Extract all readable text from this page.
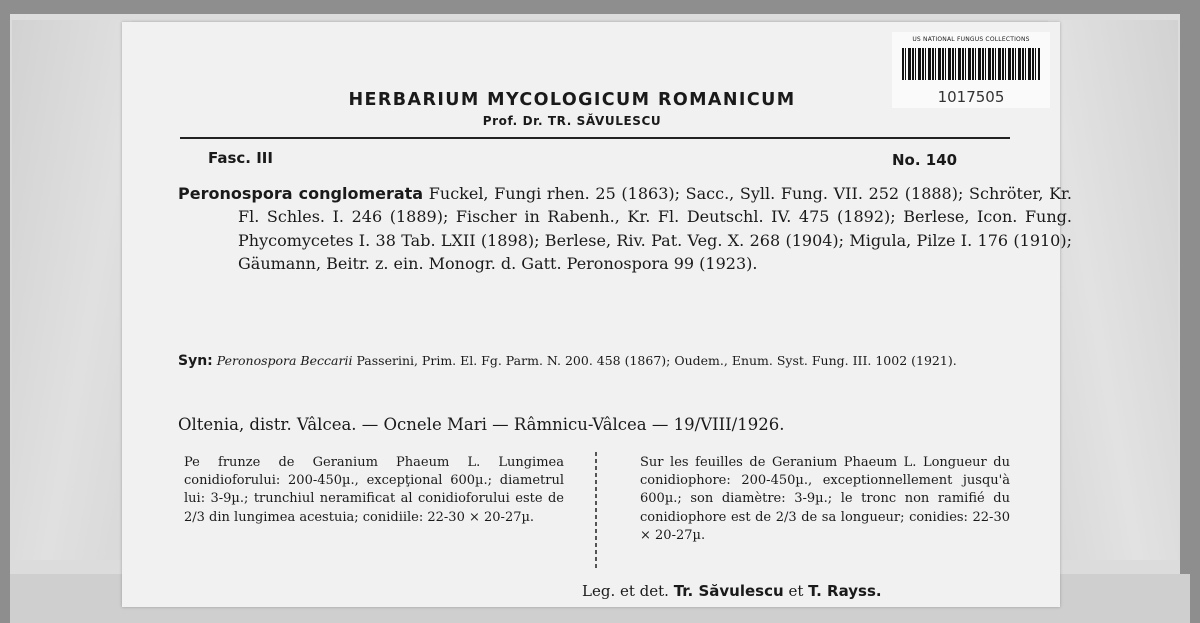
US NATIONAL FUNGUS COLLECTIONS
1017505
HERBARIUM MYCOLOGICUM ROMANICUM
Prof. Dr. TR. SĂVULESCU
Fasc. III	No. 140
Peronospora conglomerata Fuckel, Fungi rhen. 25 (1863); Sacc., Syll. Fung. VII. 252 (1888); Schröter, Kr. Fl. Schles. I. 246 (1889); Fischer in Rabenh., Kr. Fl. Deutschl. IV. 475 (1892); Berlese, Icon. Fung. Phycomycetes I. 38 Tab. LXII (1898); Berlese, Riv. Pat. Veg. X. 268 (1904); Migula, Pilze I. 176 (1910); Gäumann, Beitr. z. ein. Monogr. d. Gatt. Peronospora 99 (1923).
Syn: Peronospora Beccarii Passerini, Prim. El. Fg. Parm. N. 200. 458 (1867); Oudem., Enum. Syst. Fung. III. 1002 (1921).
Oltenia, distr. Vâlcea. — Ocnele Mari — Râmnicu-Vâlcea — 19/VIII/1926.
Pe frunze de Geranium Phaeum L. Lungimea conidioforului: 200-450µ., excepţional 600µ.; diametrul lui: 3-9µ.; trunchiul neramificat al conidioforului este de 2/3 din lungimea acestuia; conidiile: 22-30 × 20-27µ.
Sur les feuilles de Geranium Phaeum L. Longueur du conidiophore: 200-450µ., exceptionnellement jusqu'à 600µ.; son diamètre: 3-9µ.; le tronc non ramifié du conidiophore est de 2/3 de sa longueur; conidies: 22-30 × 20-27µ.
Leg. et det. Tr. Săvulescu et T. Rayss.
